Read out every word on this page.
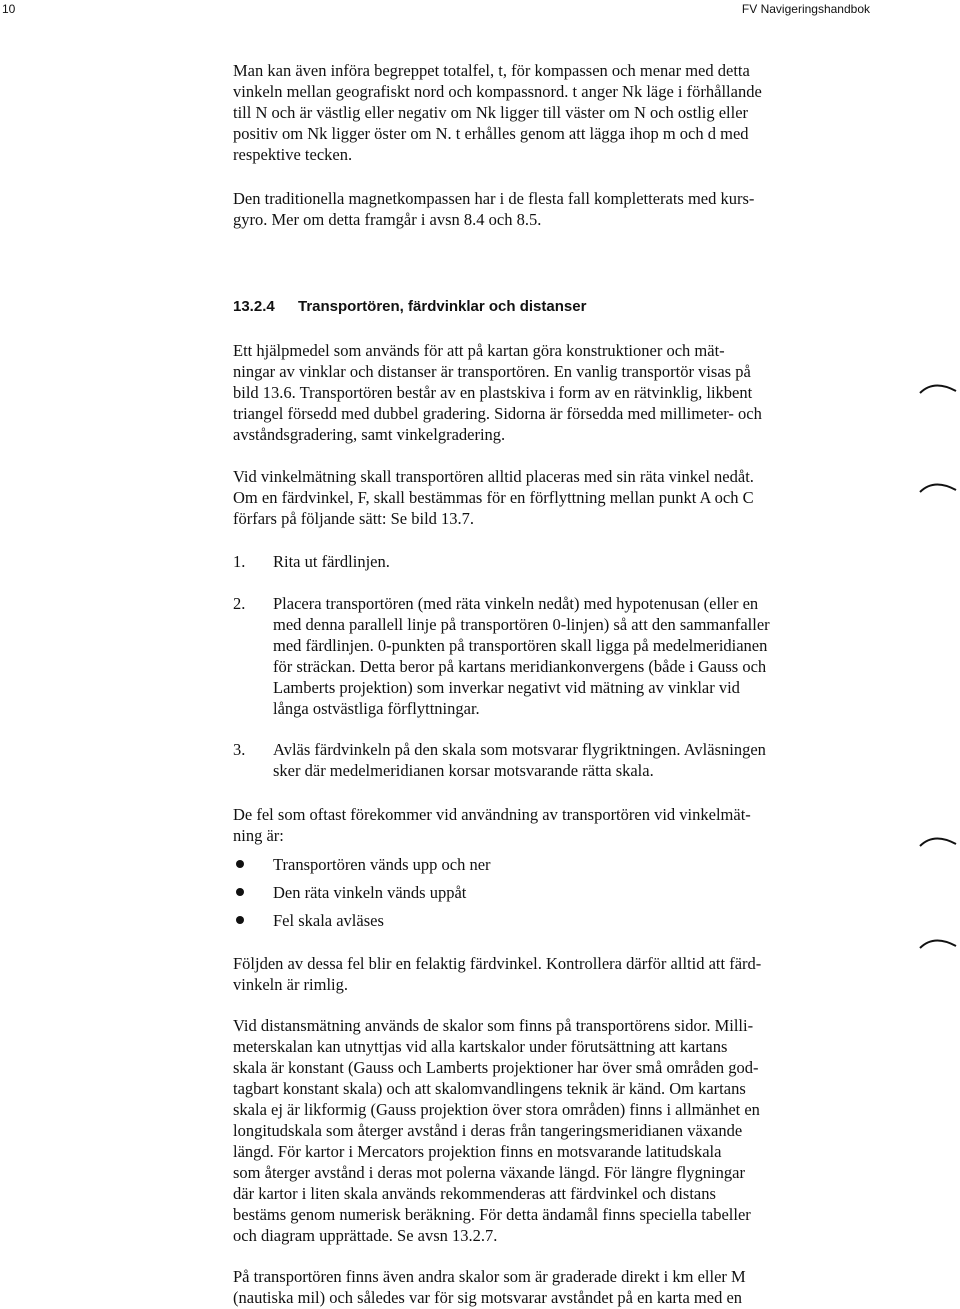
10	FV Navigeringshandbok

Man kan även införa begreppet totalfel, t, för kompassen och menar med detta
vinkeln mellan geografiskt nord och kompassnord. t anger Nk läge i förhållande
till N och är västlig eller negativ om Nk ligger till väster om N och ostlig eller
positiv om Nk ligger öster om N. t erhålles genom att lägga ihop m och d med
respektive tecken.

Den traditionella magnetkompassen har i de flesta fall kompletterats med kurs-
gyro. Mer om detta framgår i avsn 8.4 och 8.5.

13.2.4 Transportören, färdvinklar och distanser

Ett hjälpmedel som används för att på kartan göra konstruktioner och mät-
ningar av vinklar och distanser är transportören. En vanlig transportör visas på
bild 13.6. Transportören består av en plastskiva i form av en rätvinklig, likbent
triangel försedd med dubbel gradering. Sidorna är försedda med millimeter- och
avståndsgradering, samt vinkelgradering.

Vid vinkelmätning skall transportören alltid placeras med sin räta vinkel nedåt.
Om en färdvinkel, F, skall bestämmas för en förflyttning mellan punkt A och C
förfars på följande sätt: Se bild 13.7.

1. Rita ut färdlinjen.
2. Placera transportören (med räta vinkeln nedåt) med hypotenusan (eller en
med denna parallell linje på transportören 0-linjen) så att den sammanfaller
med färdlinjen. 0-punkten på transportören skall ligga på medelmeridianen
för sträckan. Detta beror på kartans meridiankonvergens (både i Gauss och
Lamberts projektion) som inverkar negativt vid mätning av vinklar vid
långa ostvästliga förflyttningar.
3. Avläs färdvinkeln på den skala som motsvarar flygriktningen. Avläsningen
sker där medelmeridianen korsar motsvarande rätta skala.

De fel som oftast förekommer vid användning av transportören vid vinkelmät-
ning är:

Transportören vänds upp och ner
Den räta vinkeln vänds uppåt
Fel skala avläses

Följden av dessa fel blir en felaktig färdvinkel. Kontrollera därför alltid att färd-
vinkeln är rimlig.

Vid distansmätning används de skalor som finns på transportörens sidor. Milli-
meterskalan kan utnyttjas vid alla kartskalor under förutsättning att kartans
skala är konstant (Gauss och Lamberts projektioner har över små områden god-
tagbart konstant skala) och att skalomvandlingens teknik är känd. Om kartans
skala ej är likformig (Gauss projektion över stora områden) finns i allmänhet en
longitudskala som återger avstånd i deras från tangeringsmeridianen växande
längd. För kartor i Mercators projektion finns en motsvarande latitudskala
som återger avstånd i deras mot polerna växande längd. För längre flygningar
där kartor i liten skala används rekommenderas att färdvinkel och distans
bestäms genom numerisk beräkning. För detta ändamål finns speciella tabeller
och diagram upprättade. Se avsn 13.2.7.

På transportören finns även andra skalor som är graderade direkt i km eller M
(nautiska mil) och således var för sig motsvarar avståndet på en karta med en
